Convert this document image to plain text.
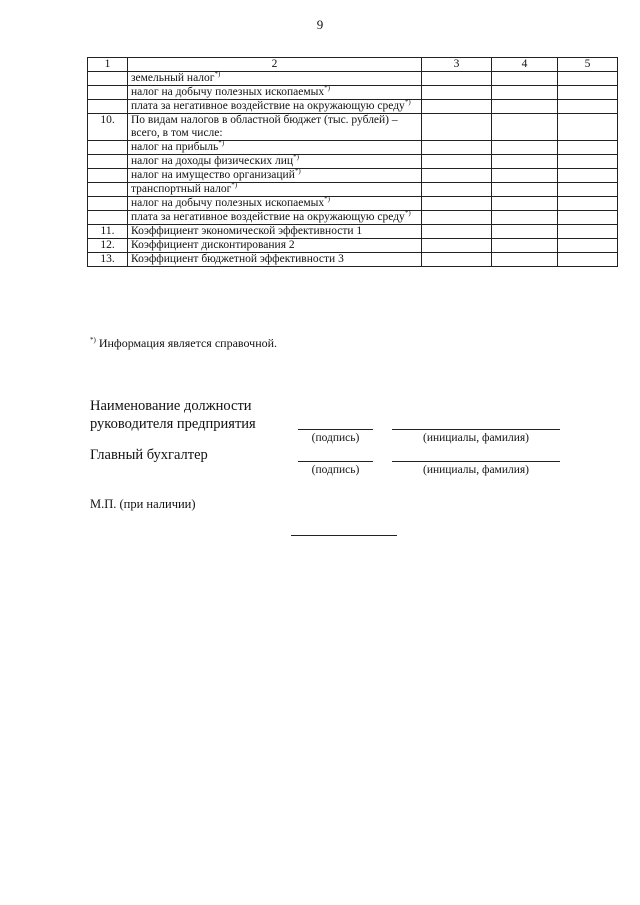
9
1	2	3	4	5
	земельный налог*)			
	налог на добычу полезных ископаемых*)			
	плата за негативное воздействие на окружающую среду*)			
10.	По видам налогов в областной бюджет (тыс. рублей) – всего, в том числе:			
	налог на прибыль*)			
	налог на доходы физических лиц*)			
	налог на имущество организаций*)			
	транспортный налог*)			
	налог на добычу полезных ископаемых*)			
	плата за негативное воздействие на окружающую среду*)			
11.	Коэффициент экономической эффективности 1			
12.	Коэффициент дисконтирования 2			
13.	Коэффициент бюджетной эффективности 3			
*) Информация является справочной.
Наименование должности
руководителя предприятия
(подпись)	(инициалы, фамилия)
Главный бухгалтер
(подпись)	(инициалы, фамилия)
М.П. (при наличии)
